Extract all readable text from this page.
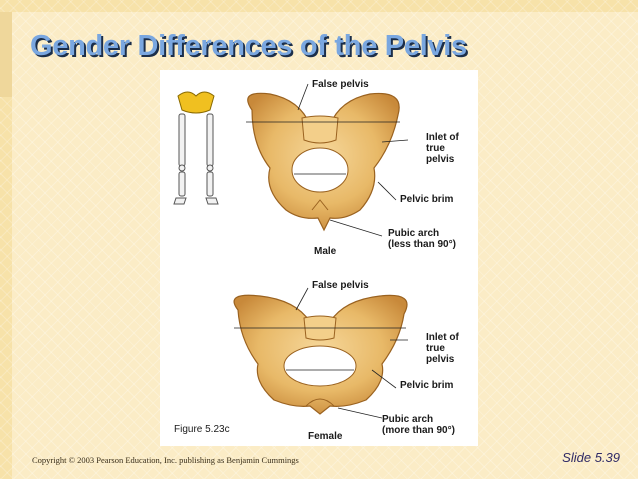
Gender Differences of the Pelvis
False pelvis
Inlet of
true
pelvis
Pelvic brim
Pubic arch
(less than 90°)
Male
False pelvis
Inlet of
true
pelvis
Pelvic brim
Pubic arch
(more than 90°)
Female
Figure 5.23c
Copyright © 2003 Pearson Education, Inc. publishing as Benjamin Cummings	Slide 5.39
